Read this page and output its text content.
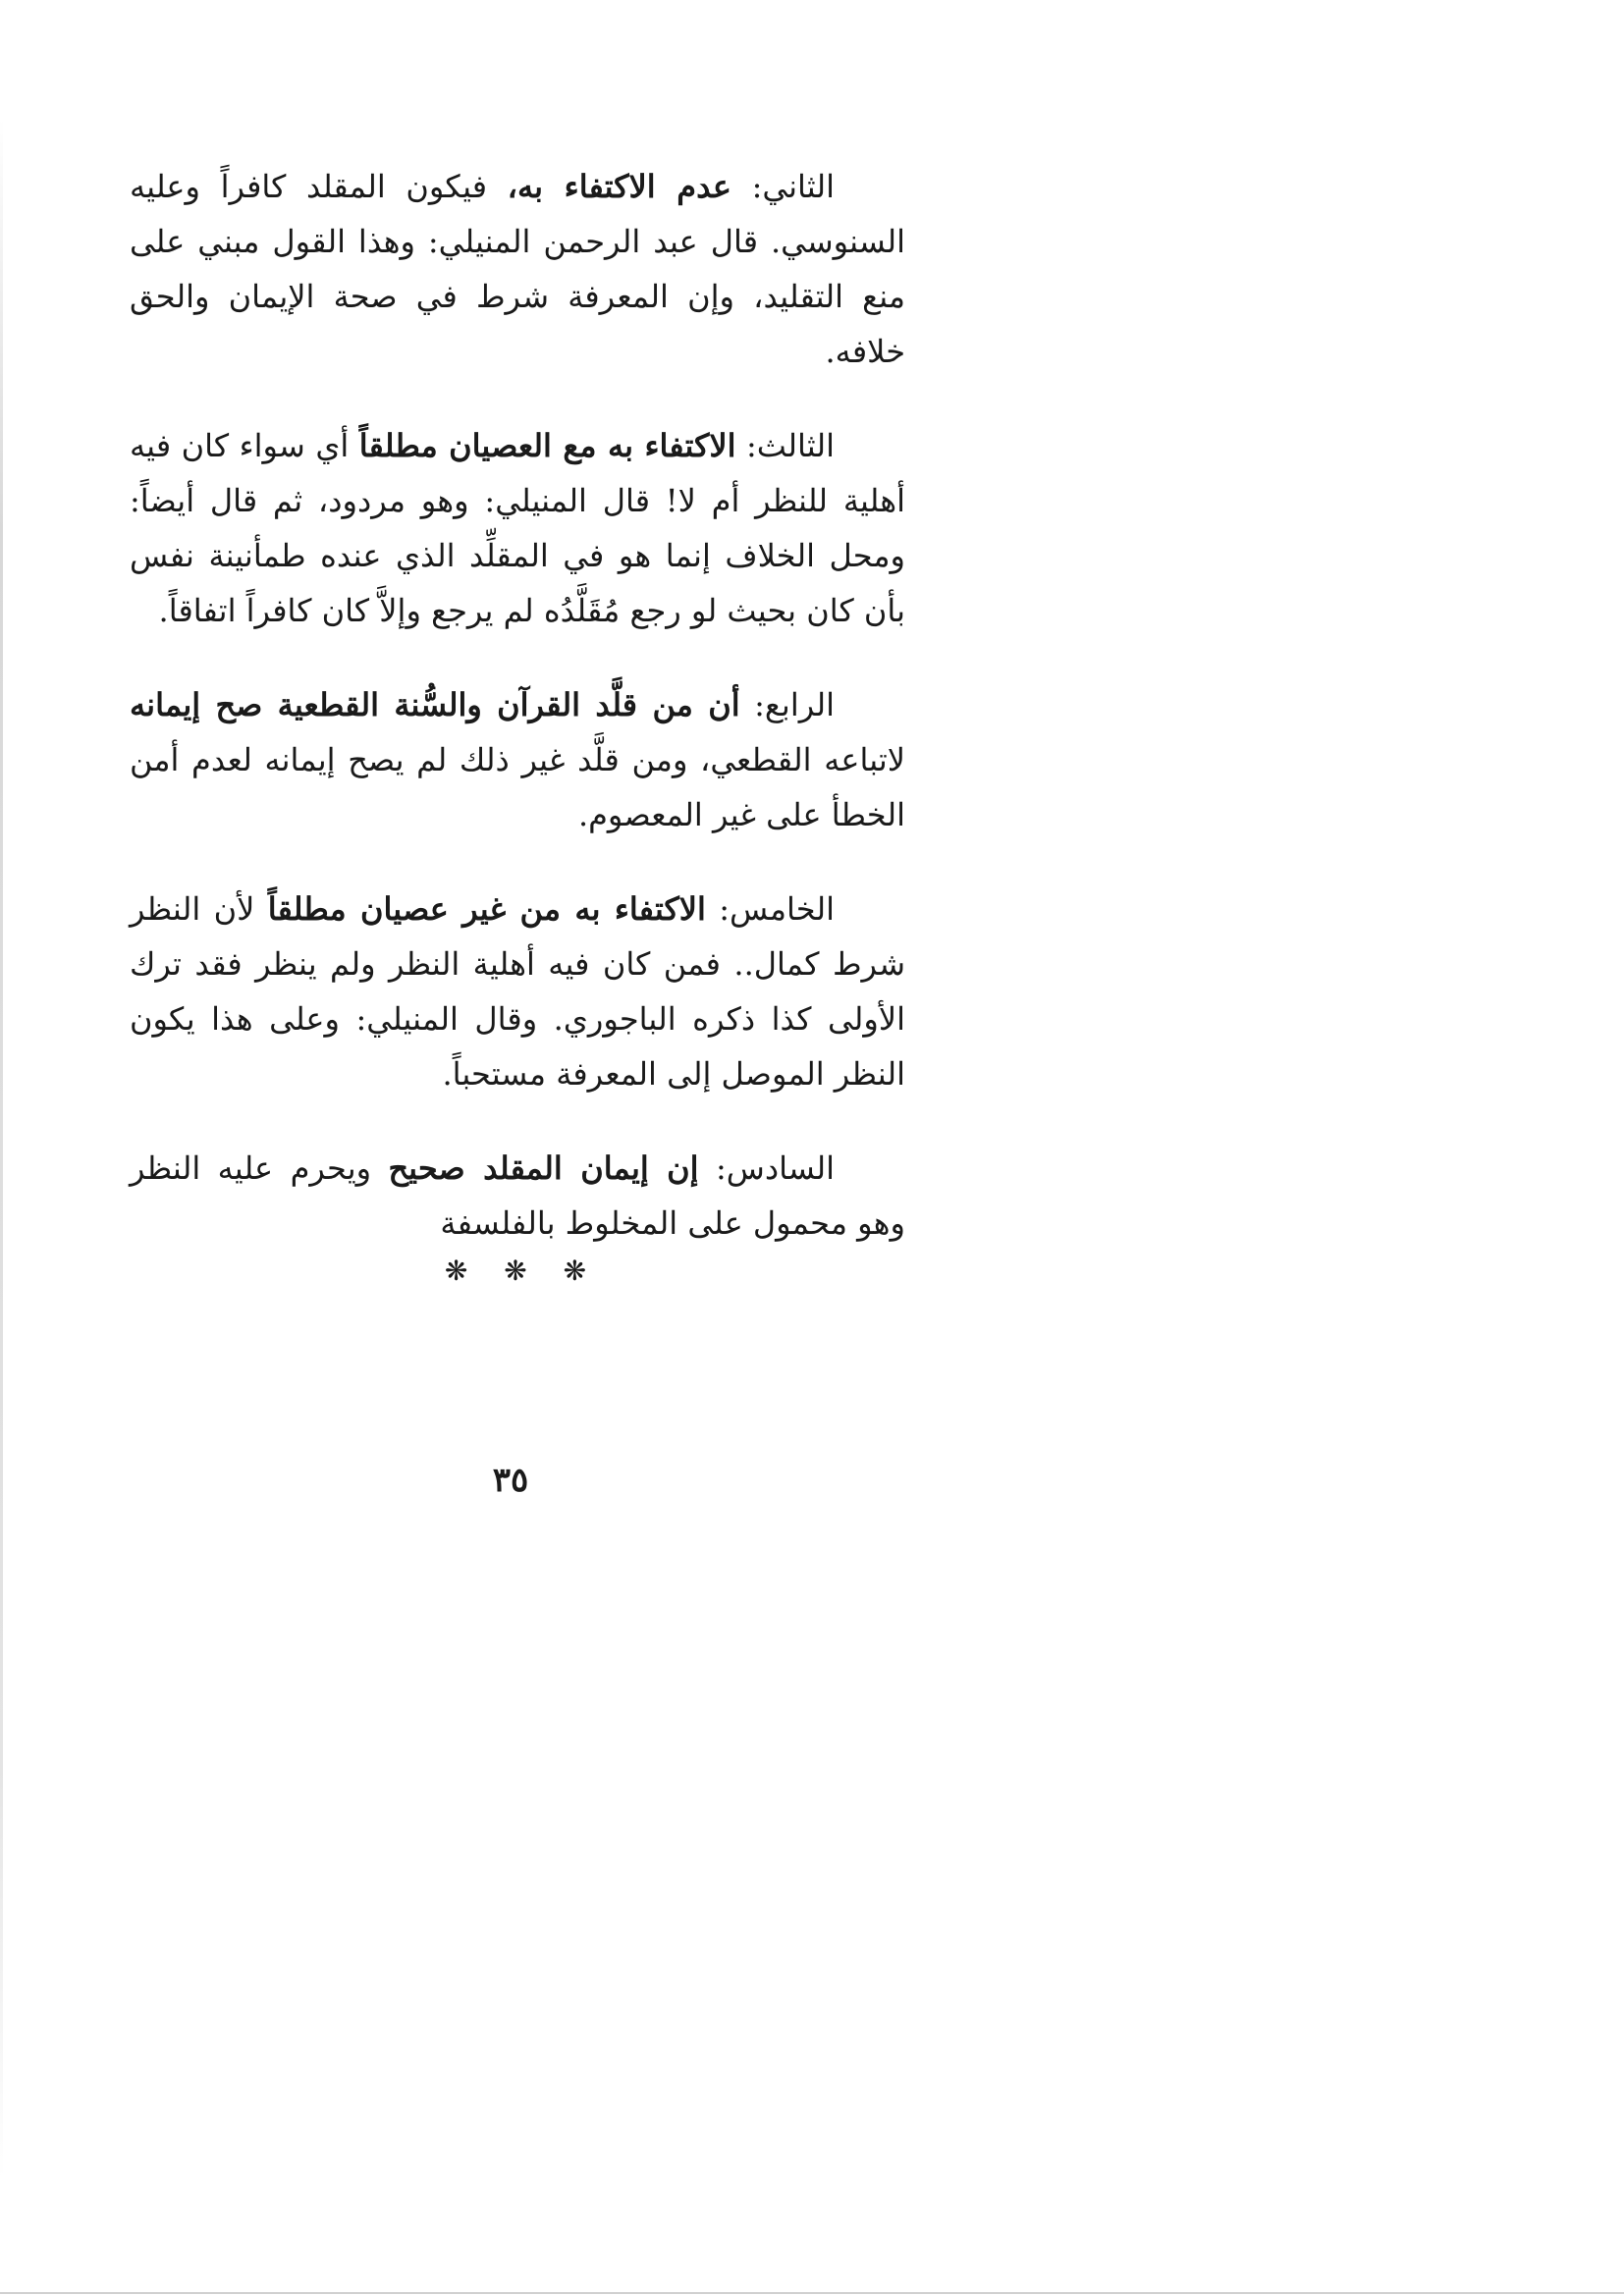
الثاني: عدم الاكتفاء به، فيكون المقلد كافراً وعليه السنوسي. قال عبد الرحمن المنيلي: وهذا القول مبني على منع التقليد، وإن المعرفة شرط في صحة الإيمان والحق خلافه.

الثالث: الاكتفاء به مع العصيان مطلقاً أي سواء كان فيه أهلية للنظر أم لا! قال المنيلي: وهو مردود، ثم قال أيضاً: ومحل الخلاف إنما هو في المقلِّد الذي عنده طمأنينة نفس بأن كان بحيث لو رجع مُقَلَّدُه لم يرجع وإلاَّ كان كافراً اتفاقاً.

الرابع: أن من قلَّد القرآن والسُّنة القطعية صح إيمانه لاتباعه القطعي، ومن قلَّد غير ذلك لم يصح إيمانه لعدم أمن الخطأ على غير المعصوم.

الخامس: الاكتفاء به من غير عصيان مطلقاً لأن النظر شرط كمال.. فمن كان فيه أهلية النظر ولم ينظر فقد ترك الأولى كذا ذكره الباجوري. وقال المنيلي: وعلى هذا يكون النظر الموصل إلى المعرفة مستحباً.

السادس: إن إيمان المقلد صحيح ويحرم عليه النظر وهو محمول على المخلوط بالفلسفة

❋ ❋ ❋
٣٥
